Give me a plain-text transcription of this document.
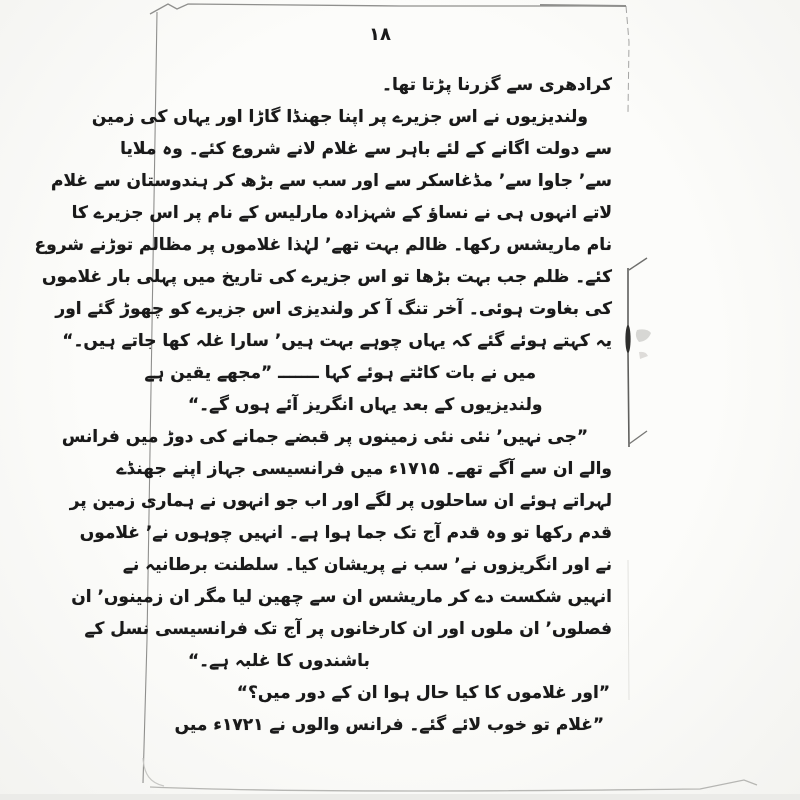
۱۸
کرادھری سے گزرنا پڑتا تھا۔
ولندیزیوں نے اس جزیرے پر اپنا جھنڈا گاڑا اور یہاں کی زمین
سے دولت اگانے کے لئے باہر سے غلام لانے شروع کئے۔ وہ ملایا
سے’ جاوا سے’ مڈغاسکر سے اور سب سے بڑھ کر ہندوستان سے غلام
لاتے انہوں ہی نے نساؤ کے شہزادہ مارلیس کے نام پر اس جزیرے کا
نام ماریشس رکھا۔ ظالم بہت تھے’ لہٰذا غلاموں پر مظالم توڑنے شروع
کئے۔ ظلم جب بہت بڑھا تو اس جزیرے کی تاریخ میں پہلی بار غلاموں
کی بغاوت ہوئی۔ آخر تنگ آ کر ولندیزی اس جزیرے کو چھوڑ گئے اور
یہ کہتے ہوئے گئے کہ یہاں چوہے بہت ہیں’ سارا غلہ کھا جاتے ہیں۔“
میں نے بات کاٹتے ہوئے کہا ـــــــ ”مجھے یقین ہے
ولندیزیوں کے بعد یہاں انگریز آئے ہوں گے۔“
”جی نہیں’ نئی نئی زمینوں پر قبضے جمانے کی دوڑ میں فرانس
والے ان سے آگے تھے۔ ۱۷۱۵ء میں فرانسیسی جہاز اپنے جھنڈے
لہراتے ہوئے ان ساحلوں پر لگے اور اب جو انہوں نے ہماری زمین پر
قدم رکھا تو وہ قدم آج تک جما ہوا ہے۔ انہیں چوہوں نے’ غلاموں
نے اور انگریزوں نے’ سب نے پریشان کیا۔ سلطنت برطانیہ نے
انہیں شکست دے کر ماریشس ان سے چھین لیا مگر ان زمینوں’ ان
فصلوں’ ان ملوں اور ان کارخانوں پر آج تک فرانسیسی نسل کے
باشندوں کا غلبہ ہے۔“
”اور غلاموں کا کیا حال ہوا ان کے دور میں؟“
”غلام تو خوب لائے گئے۔ فرانس والوں نے ۱۷۲۱ء میں
